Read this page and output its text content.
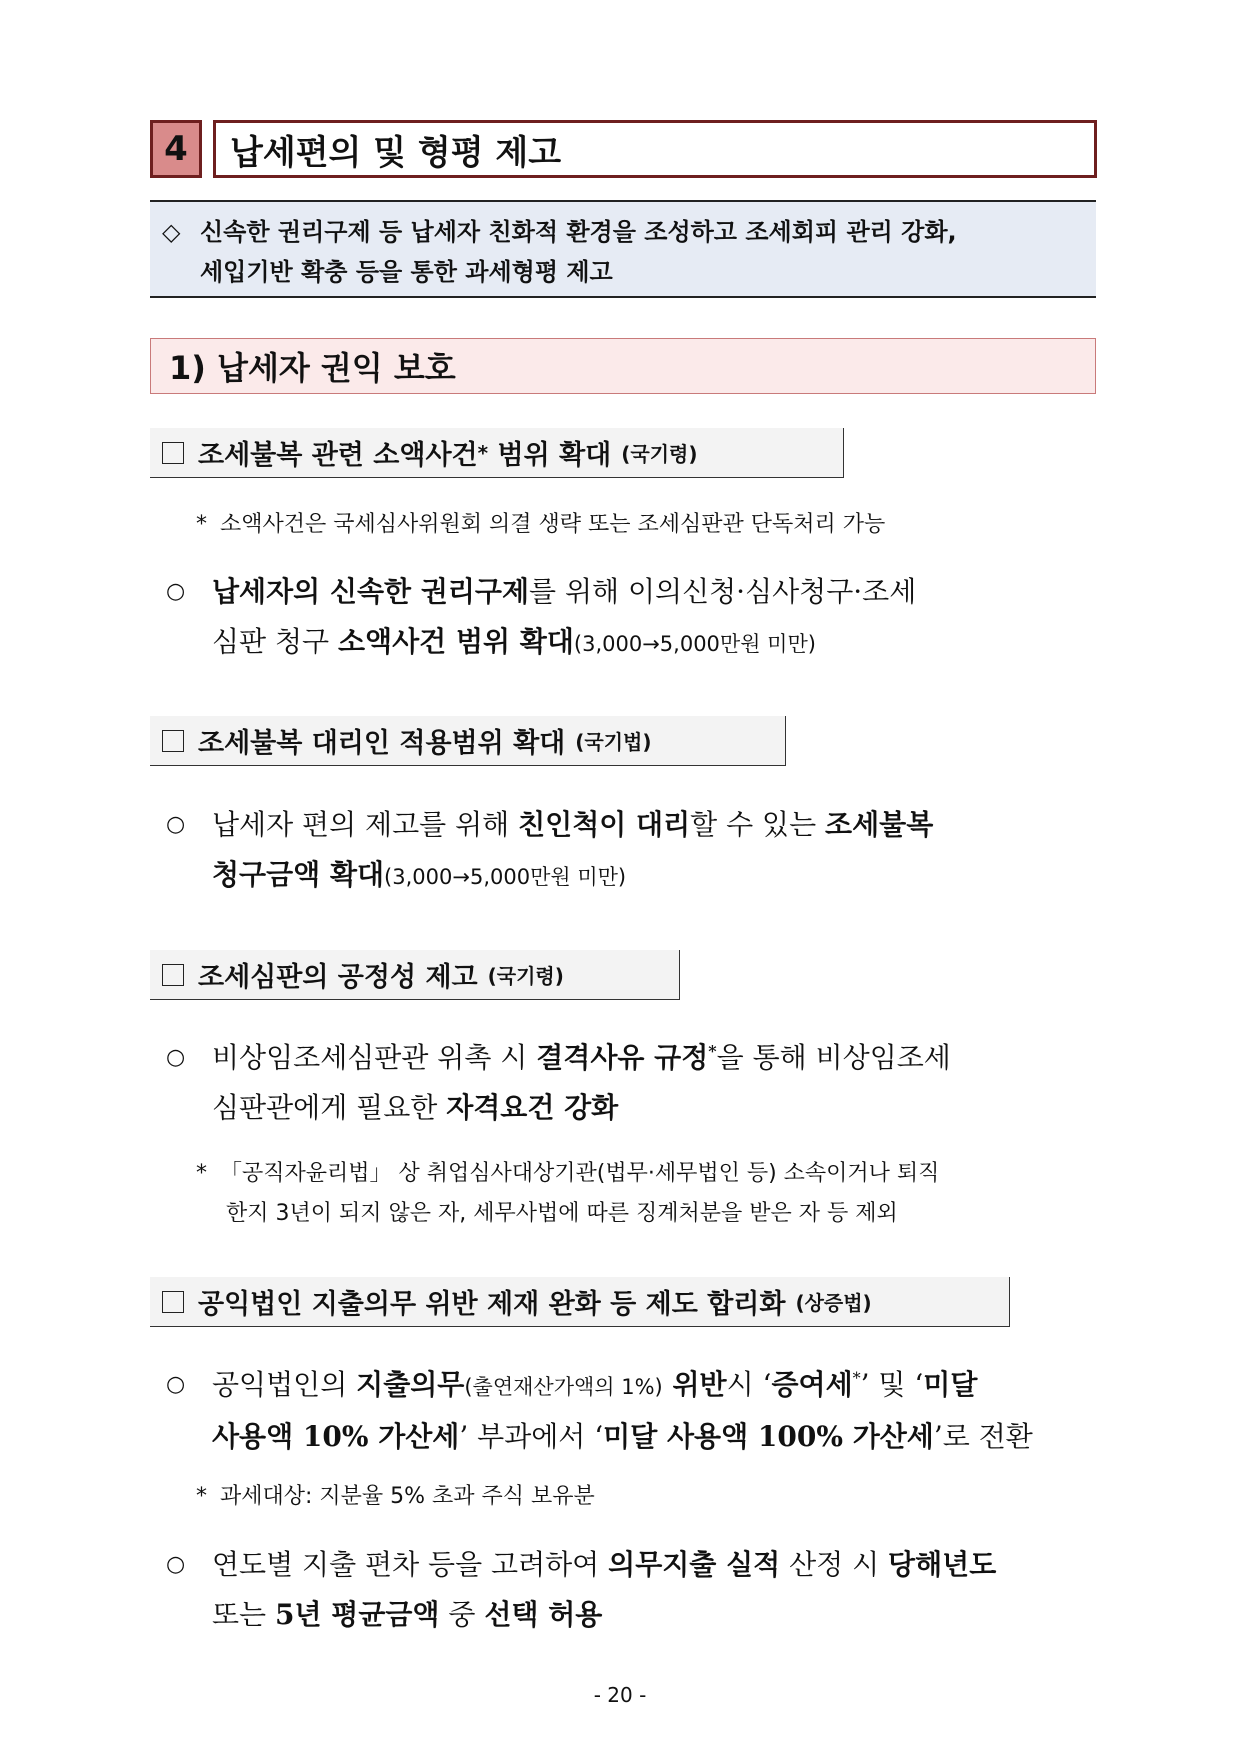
4	납세편의 및 형평 제고
◇ 신속한 권리구제 등 납세자 친화적 환경을 조성하고 조세회피 관리 강화,
세입기반 확충 등을 통한 과세형평 제고
1) 납세자 권익 보호
조세불복 관련 소액사건 *
범위 확대 (국기령)
* 소액사건은 국세심사위원회 의결 생략 또는 조세심판관 단독처리 가능
○ 납세자의 신속한 권리구제를 위해 이의신청·심사청구·조세
심판 청구 소액사건 범위 확대(3,000→5,000만원 미만)
조세불복 대리인 적용범위 확대 (국기법)
○ 납세자 편의 제고를 위해 친인척이 대리할 수 있는 조세불복
청구금액 확대(3,000→5,000만원 미만)
조세심판의 공정성 제고 (국기령)
○ 비상임조세심판관 위촉 시 결격사유 규정*을 통해 비상임조세
심판관에게 필요한 자격요건 강화
* 「공직자윤리법」 상 취업심사대상기관(법무·세무법인 등) 소속이거나 퇴직
한지 3년이 되지 않은 자, 세무사법에 따른 징계처분을 받은 자 등 제외
공익법인 지출의무 위반 제재 완화 등 제도 합리화 (상증법)
○ 공익법인의 지출의무(출연재산가액의 1%) 위반시 ‘증여세*’ 및 ‘미달
사용액 10% 가산세’ 부과에서 ‘미달 사용액 100% 가산세’로 전환
* 과세대상: 지분율 5% 초과 주식 보유분
○ 연도별 지출 편차 등을 고려하여 의무지출 실적 산정 시 당해년도
또는 5년 평균금액 중 선택 허용
- 20 -
